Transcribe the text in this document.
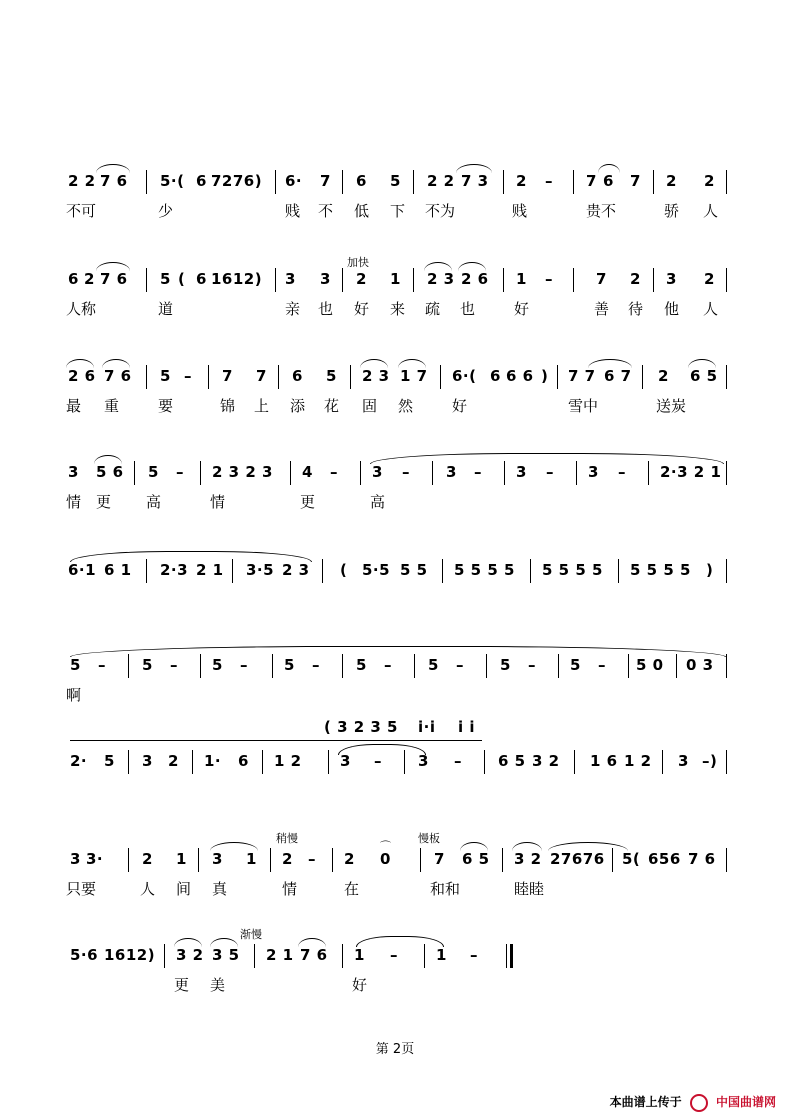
2 2 7 6 5·( 6 7276) 6· 7 6 5 2 2 7 3 2 – 7 6 7 2 2
不可	少	贱 不 低 下 不为	贱	贵不	骄 人
加快
6 2 7 6 5 ( 6 1612) 3 3 2 1 2 3 2 6 1 –	7 2 3 2
人称	道	亲 也 好 来 疏 也	好	善 待 他 人
2 6 7 6 5 – 7 7 6 5 2 3 1 7 6·( 6 6 6 ) 7 7 6 7 2 6 5
最 重	要	锦 上 添 花 固 然	好	雪中	送炭
3 5 6 5 – 2 3 2 3 4 – 3 – 3 – 3 – 3 – 2·3 2 1
情 更 高	情	更	高
6·1 6 1 2·3 2 1 3·5 2 3 ( 5·5 5 5 5 5 5 5 5 5 5 5 5 5 5 5 )
5 – 5 – 5 – 5 – 5 – 5 – 5 – 5 – 5 0 0 3
啊
( 3 2 3 5 i·i i i
2· 5 3 2 1· 6 1 2	3 – 3 – 6 5 3 2 1 6 1 2 3 –)
稍慢	慢板
3 3·	2 1 3 1 2 – 2 0
⌒
7 6 5 3 2 27676 5( 656 7 6
只要	人 间 真	情	在	和和	睦睦
渐慢
5·6 1612) 3 2 3 5 2 1 7 6 1 –	1 –
更 美	好
第 2页
本曲谱上传于	中国曲谱网
